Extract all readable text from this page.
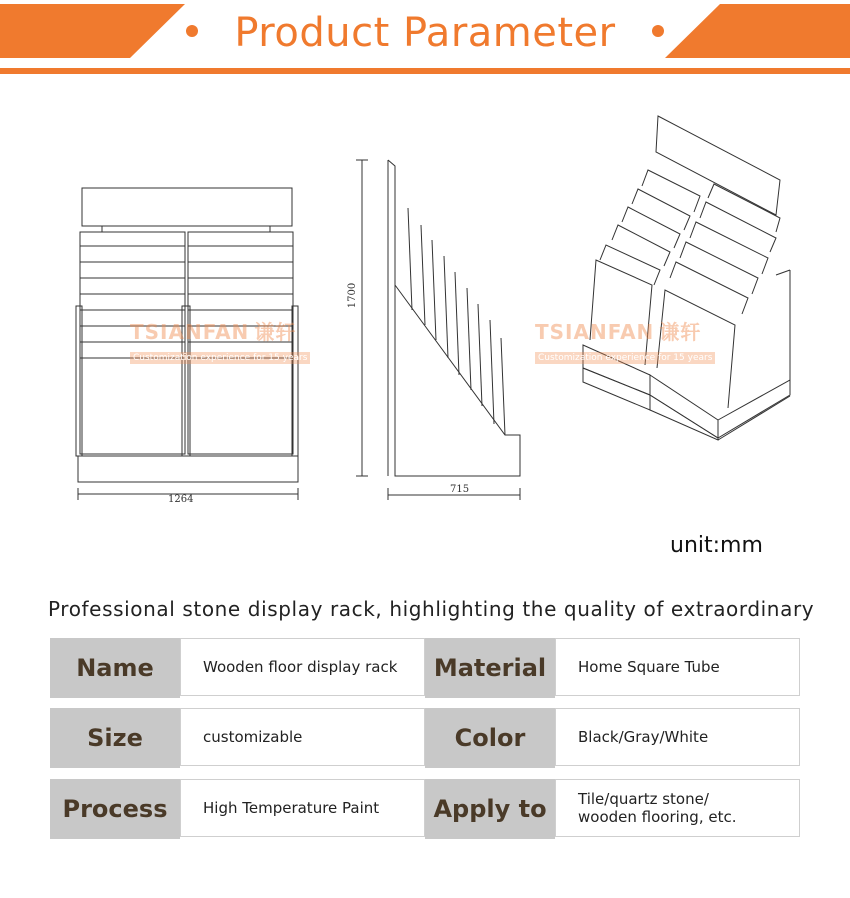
Product Parameter
TSIANFAN 谦轩
Customization experience for 15 years
TSIANFAN 谦轩
Customization experience for 15 years
1264
1700
715
unit:mm
Professional stone display rack, highlighting the quality of extraordinary
Name	Wooden floor display rack	Material	Home Square Tube
Size	customizable	Color	Black/Gray/White
Process	High Temperature Paint	Apply to	Tile/quartz stone/
wooden flooring, etc.
